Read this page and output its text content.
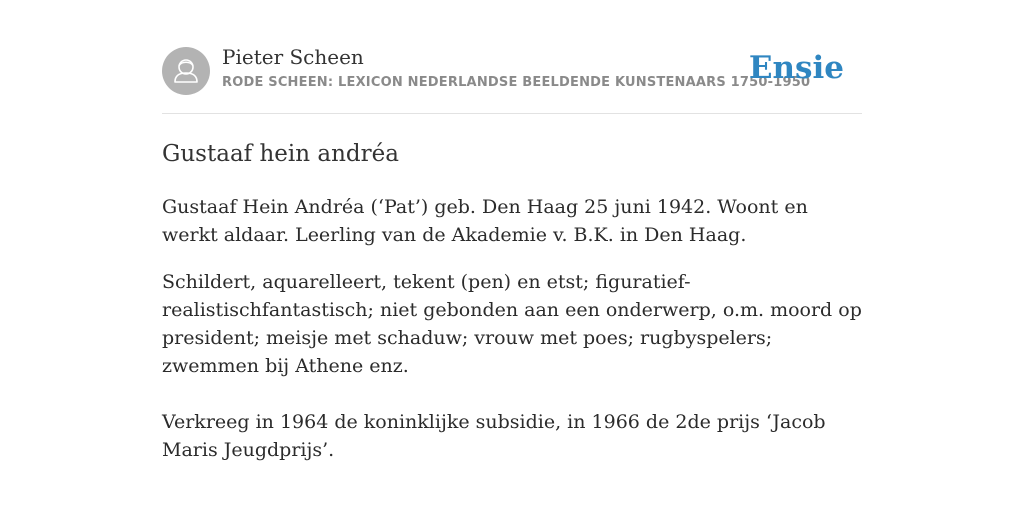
Pieter Scheen
RODE SCHEEN: LEXICON NEDERLANDSE BEELDENDE KUNSTENAARS 1750-1950
Ensie
Gustaaf hein andréa

Gustaaf Hein Andréa (‘Pat’) geb. Den Haag 25 juni 1942. Woont en werkt aldaar. Leerling van de Akademie v. B.K. in Den Haag.

Schildert, aquarelleert, tekent (pen) en etst; figuratief-realistischfantastisch; niet gebonden aan een onderwerp, o.m. moord op president; meisje met schaduw; vrouw met poes; rugbyspelers; zwemmen bij Athene enz.

Verkreeg in 1964 de koninklijke subsidie, in 1966 de 2de prijs ‘Jacob Maris Jeugdprijs’.
